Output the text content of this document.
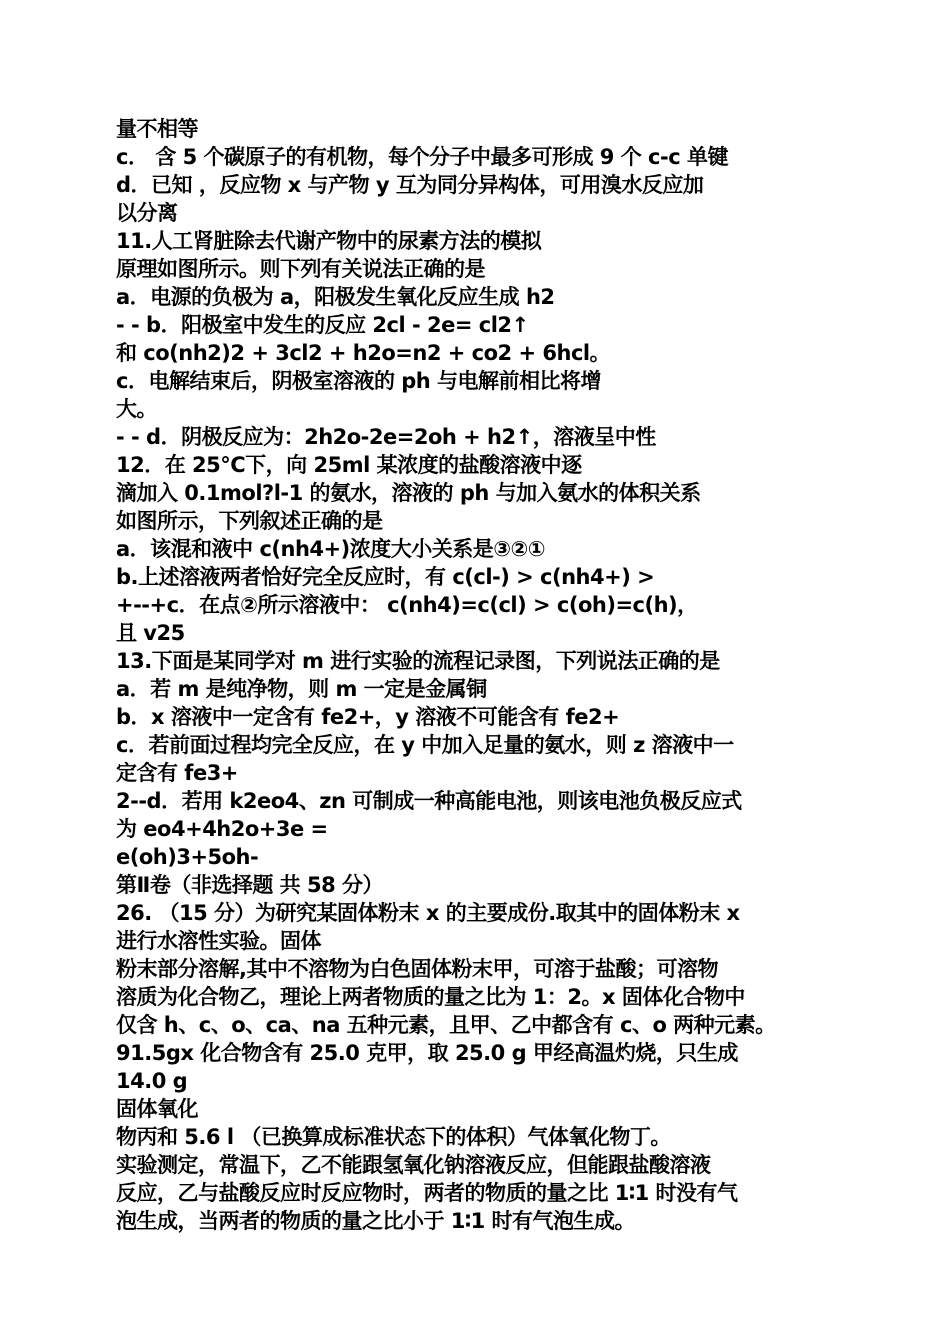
量不相等
c． 含 5 个碳原子的有机物，每个分子中最多可形成 9 个 c-c 单键
d．已知 ，反应物 x 与产物 y 互为同分异构体，可用溴水反应加
以分离
11.人工肾脏除去代谢产物中的尿素方法的模拟
原理如图所示。则下列有关说法正确的是
a．电源的负极为 a，阳极发生氧化反应生成 h2
- - b．阳极室中发生的反应 2cl - 2e= cl2↑
和 co(nh2)2 + 3cl2 + h2o=n2 + co2 + 6hcl。
c．电解结束后，阴极室溶液的 ph 与电解前相比将增
大。
- - d．阴极反应为：2h2o-2e=2oh + h2↑，溶液呈中性
12．在 25°C下，向 25ml 某浓度的盐酸溶液中逐
滴加入 0.1mol?l-1 的氨水，溶液的 ph 与加入氨水的体积关系
如图所示，下列叙述正确的是
a．该混和液中 c(nh4+)浓度大小关系是③②①
b.上述溶液两者恰好完全反应时，有 c(cl-) > c(nh4+) >
+--+c．在点②所示溶液中： c(nh4)=c(cl) > c(oh)=c(h)，
且 v25
13.下面是某同学对 m 进行实验的流程记录图，下列说法正确的是
a．若 m 是纯净物，则 m 一定是金属铜
b．x 溶液中一定含有 fe2+，y 溶液不可能含有 fe2+
c．若前面过程均完全反应，在 y 中加入足量的氨水，则 z 溶液中一
定含有 fe3+
2--d．若用 k2eo4、zn 可制成一种高能电池，则该电池负极反应式
为 eo4+4h2o+3e =
e(oh)3+5oh-
第Ⅱ卷（非选择题 共 58 分）
26. （15 分）为研究某固体粉末 x 的主要成份.取其中的固体粉末 x
进行水溶性实验。固体
粉末部分溶解,其中不溶物为白色固体粉末甲，可溶于盐酸；可溶物
溶质为化合物乙，理论上两者物质的量之比为 1：2。x 固体化合物中
仅含 h、c、o、ca、na 五种元素，且甲、乙中都含有 c、o 两种元素。
91.5gx 化合物含有 25.0 克甲，取 25.0 g 甲经高温灼烧，只生成
14.0 g
固体氧化
物丙和 5.6 l （已换算成标准状态下的体积）气体氧化物丁。
实验测定，常温下，乙不能跟氢氧化钠溶液反应，但能跟盐酸溶液
反应，乙与盐酸反应时反应物时，两者的物质的量之比 1∶1 时没有气
泡生成，当两者的物质的量之比小于 1∶1 时有气泡生成。
